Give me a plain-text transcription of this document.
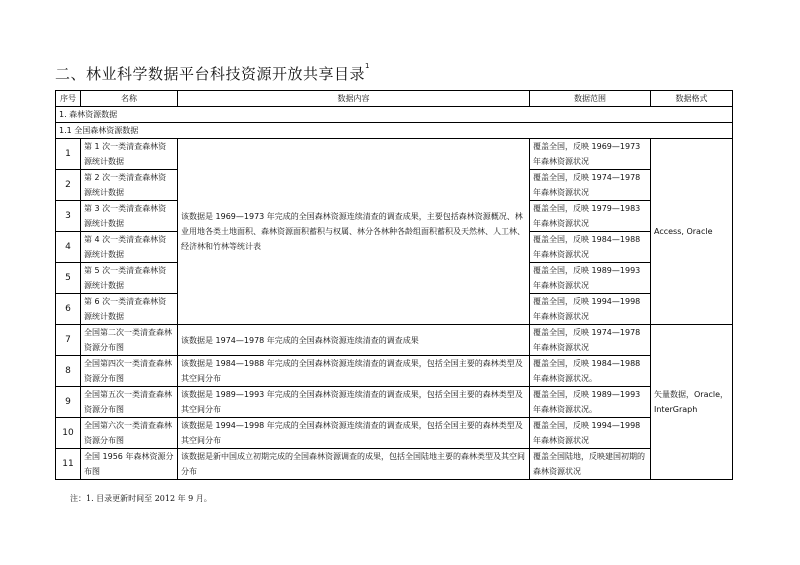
二、林业科学数据平台科技资源开放共享目录$^1$
序号	名称	数据内容	数据范围	数据格式
1. 森林资源数据				
1.1 全国森林资源数据				
1	第 1 次一类清查森林资源统计数据	该数据是 1969—1973 年完成的全国森林资源连续清查的调查成果，主要包括森林资源概况、林业用地各类土地面积、森林资源面积蓄积与权属、林分各林种各龄组面积蓄积及天然林、人工林、经济林和竹林等统计表	覆盖全国，反映 1969—1973 年森林资源状况	Access, Oracle
2	第 2 次一类清查森林资源统计数据		覆盖全国，反映 1974—1978 年森林资源状况	
3	第 3 次一类清查森林资源统计数据		覆盖全国，反映 1979—1983 年森林资源状况	
4	第 4 次一类清查森林资源统计数据		覆盖全国，反映 1984—1988 年森林资源状况	
5	第 5 次一类清查森林资源统计数据		覆盖全国，反映 1989—1993 年森林资源状况	
6	第 6 次一类清查森林资源统计数据		覆盖全国，反映 1994—1998 年森林资源状况	
7	全国第二次一类清查森林资源分布图	该数据是 1974—1978 年完成的全国森林资源连续清查的调查成果	覆盖全国，反映 1974—1978 年森林资源状况	矢量数据，Oracle，InterGraph
8	全国第四次一类清查森林资源分布图	该数据是 1984—1988 年完成的全国森林资源连续清查的调查成果，包括全国主要的森林类型及其空间分布	覆盖全国，反映 1984—1988 年森林资源状况。	
9	全国第五次一类清查森林资源分布图	该数据是 1989—1993 年完成的全国森林资源连续清查的调查成果，包括全国主要的森林类型及其空间分布	覆盖全国，反映 1989—1993 年森林资源状况。	
10	全国第六次一类清查森林资源分布图	该数据是 1994—1998 年完成的全国森林资源连续清查的调查成果，包括全国主要的森林类型及其空间分布	覆盖全国，反映 1994—1998 年森林资源状况	
11	全国 1956 年森林资源分布图	该数据是新中国成立初期完成的全国森林资源调查的成果，包括全国陆地主要的森林类型及其空间分布	覆盖全国陆地，反映建国初期的森林资源状况	
注：1. 目录更新时间至 2012 年 9 月。
